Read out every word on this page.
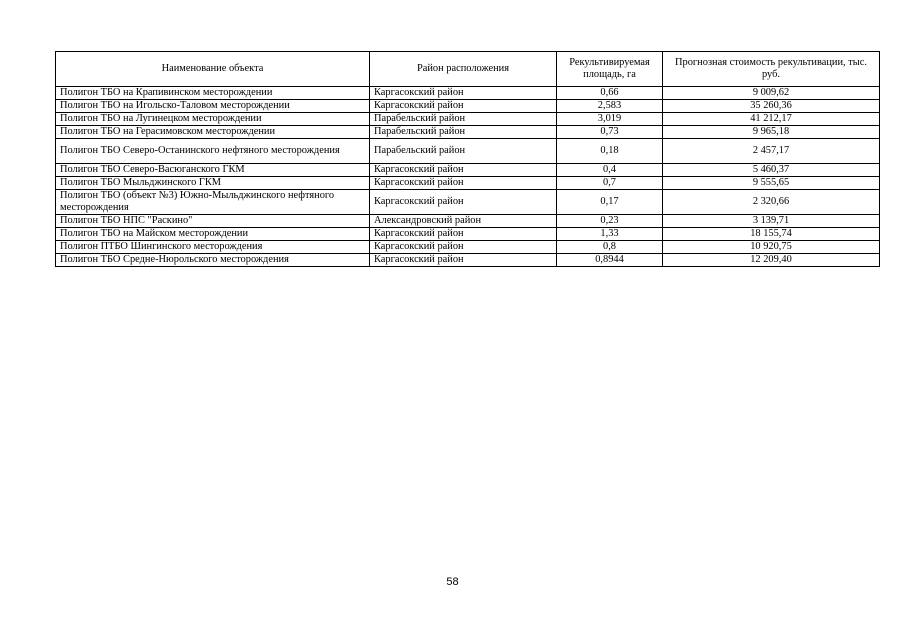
Наименование объекта	Район расположения	Рекультивируемая площадь, га	Прогнозная стоимость рекультивации, тыс. руб.
Полигон ТБО на Крапивинском месторождении	Каргасокский район	0,66	9 009,62
Полигон ТБО на Игольско-Таловом месторождении	Каргасокский район	2,583	35 260,36
Полигон ТБО на Лугинецком месторождении	Парабельский район	3,019	41 212,17
Полигон ТБО на Герасимовском месторождении	Парабельский район	0,73	9 965,18
Полигон ТБО Северо-Останинского нефтяного месторождения	Парабельский район	0,18	2 457,17
Полигон ТБО Северо-Васюганского ГКМ	Каргасокский район	0,4	5 460,37
Полигон ТБО Мыльджинского ГКМ	Каргасокский район	0,7	9 555,65
Полигон ТБО (объект №3) Южно-Мыльджинского нефтяного месторождения	Каргасокский район	0,17	2 320,66
Полигон ТБО НПС "Раскино"	Александровский район	0,23	3 139,71
Полигон ТБО на Майском месторождении	Каргасокский район	1,33	18 155,74
Полигон ПТБО Шингинского месторождения	Каргасокский район	0,8	10 920,75
Полигон ТБО Средне-Нюрольского месторождения	Каргасокский район	0,8944	12 209,40
58
